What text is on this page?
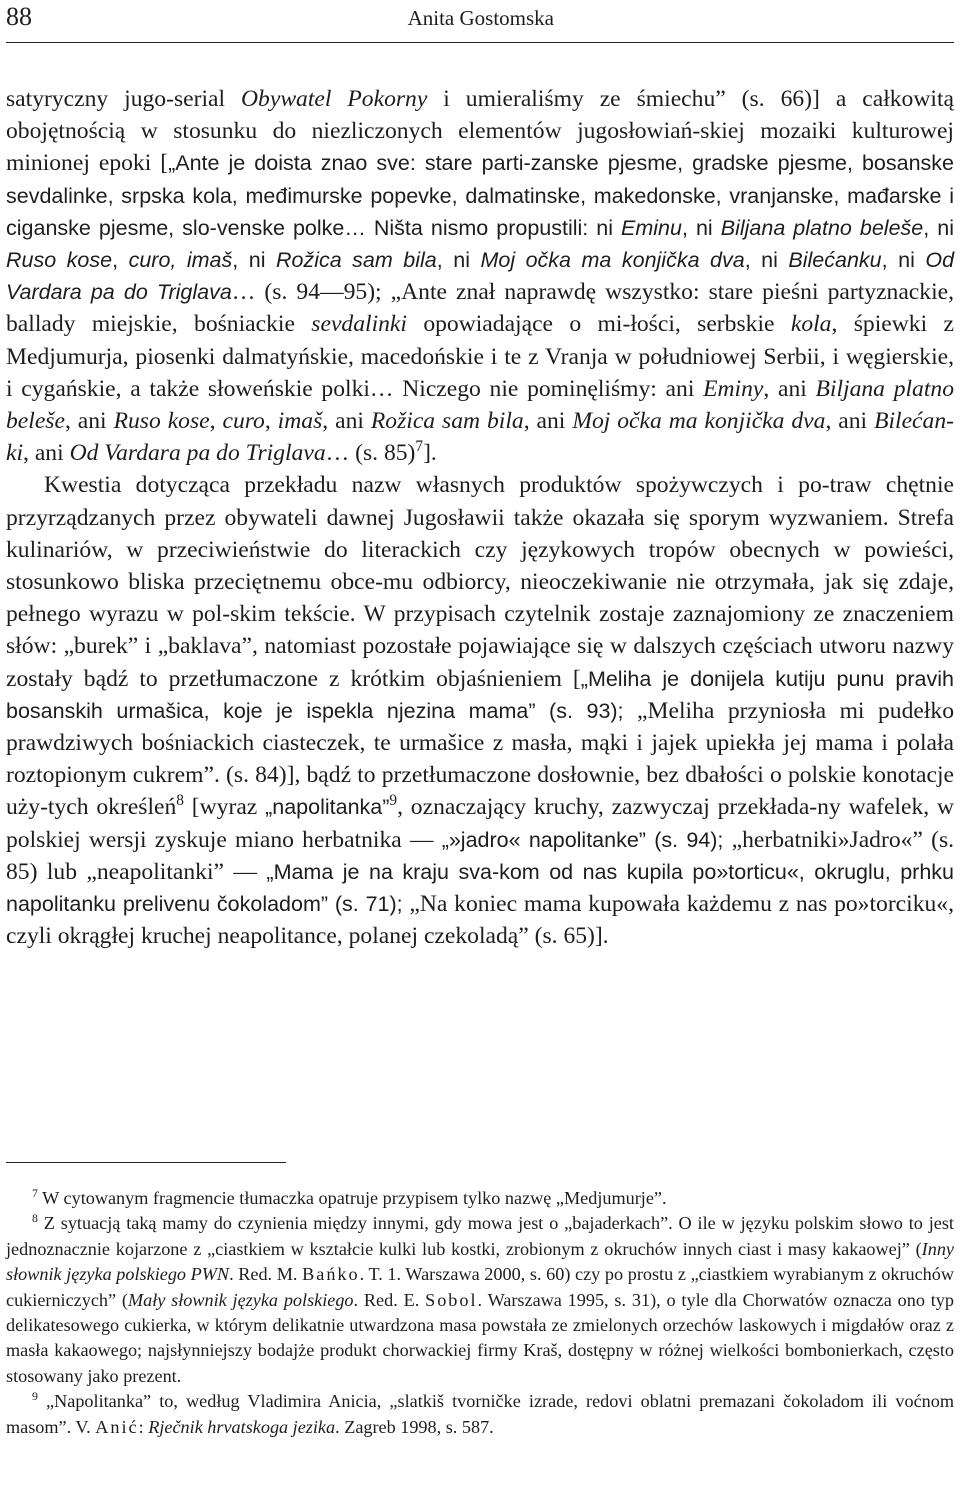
88	Anita Gostomska

satyryczny jugo-serial Obywatel Pokorny i umieraliśmy ze śmiechu” (s. 66)] a całkowitą obojętnością w stosunku do niezliczonych elementów jugosłowiań-skiej mozaiki kulturowej minionej epoki [„Ante je doista znao sve: stare parti-zanske pjesme, gradske pjesme, bosanske sevdalinke, srpska kola, međimurske popevke, dalmatinske, makedonske, vranjanske, mađarske i ciganske pjesme, slo-venske polke… Ništa nismo propustili: ni Eminu, ni Biljana platno beleše, ni Ruso kose, curo, imaš, ni Rožica sam bila, ni Moj očka ma konjička dva, ni Bilećanku, ni Od Vardara pa do Triglava… (s. 94—95); „Ante znał naprawdę wszystko: stare pieśni partyznackie, ballady miejskie, bośniackie sevdalinki opowiadające o mi-łości, serbskie kola, śpiewki z Medjumurja, piosenki dalmatyńskie, macedońskie i te z Vranja w południowej Serbii, i węgierskie, i cygańskie, a także słoweńskie polki… Niczego nie pominęliśmy: ani Eminy, ani Biljana platno beleše, ani Ruso kose, curo, imaš, ani Rožica sam bila, ani Moj očka ma konjička dva, ani Bilećan-ki, ani Od Vardara pa do Triglava… (s. 85)$^7$].

Kwestia dotycząca przekładu nazw własnych produktów spożywczych i po-traw chętnie przyrządzanych przez obywateli dawnej Jugosławii także okazała się sporym wyzwaniem. Strefa kulinariów, w przeciwieństwie do literackich czy językowych tropów obecnych w powieści, stosunkowo bliska przeciętnemu obce-mu odbiorcy, nieoczekiwanie nie otrzymała, jak się zdaje, pełnego wyrazu w pol-skim tekście. W przypisach czytelnik zostaje zaznajomiony ze znaczeniem słów: „burek” i „baklava”, natomiast pozostałe pojawiające się w dalszych częściach utworu nazwy zostały bądź to przetłumaczone z krótkim objaśnieniem [„Meliha je donijela kutiju punu pravih bosanskih urmašica, koje je ispekla njezina mama” (s. 93); „Meliha przyniosła mi pudełko prawdziwych bośniackich ciasteczek, te urmašice z masła, mąki i jajek upiekła jej mama i polała roztopionym cukrem”. (s. 84)], bądź to przetłumaczone dosłownie, bez dbałości o polskie konotacje uży-tych określeń$^8$ [wyraz „napolitanka”$^9$, oznaczający kruchy, zazwyczaj przekłada-ny wafelek, w polskiej wersji zyskuje miano herbatnika — „»jadro« napolitanke” (s. 94); „herbatniki»Jadro«” (s. 85) lub „neapolitanki” — „Mama je na kraju sva-kom od nas kupila po»torticu«, okruglu, prhku napolitanku prelivenu čokoladom” (s. 71); „Na koniec mama kupowała każdemu z nas po»torciku«, czyli okrągłej kruchej neapolitance, polanej czekoladą” (s. 65)].

$^7$ W cytowanym fragmencie tłumaczka opatruje przypisem tylko nazwę „Medjumurje”.

$^8$ Z sytuacją taką mamy do czynienia między innymi, gdy mowa jest o „bajaderkach”. O ile w języku polskim słowo to jest jednoznacznie kojarzone z „ciastkiem w kształcie kulki lub kostki, zrobionym z okruchów innych ciast i masy kakaowej” (Inny słownik języka polskiego PWN. Red. M. Bańko. T. 1. Warszawa 2000, s. 60) czy po prostu z „ciastkiem wyrabianym z okruchów cukierniczych” (Mały słownik języka polskiego. Red. E. Sobol. Warszawa 1995, s. 31), o tyle dla Chorwatów oznacza ono typ delikatesowego cukierka, w którym delikatnie utwardzona masa powstała ze zmielonych orzechów laskowych i migdałów oraz z masła kakaowego; najsłynniejszy bodajże produkt chorwackiej firmy Kraš, dostępny w różnej wielkości bombonierkach, często stosowany jako prezent.

$^9$ „Napolitanka” to, według Vladimira Anicia, „slatkiš tvorničke izrade, redovi oblatni premazani čokoladom ili voćnom masom”. V. Anić: Rječnik hrvatskoga jezika. Zagreb 1998, s. 587.
